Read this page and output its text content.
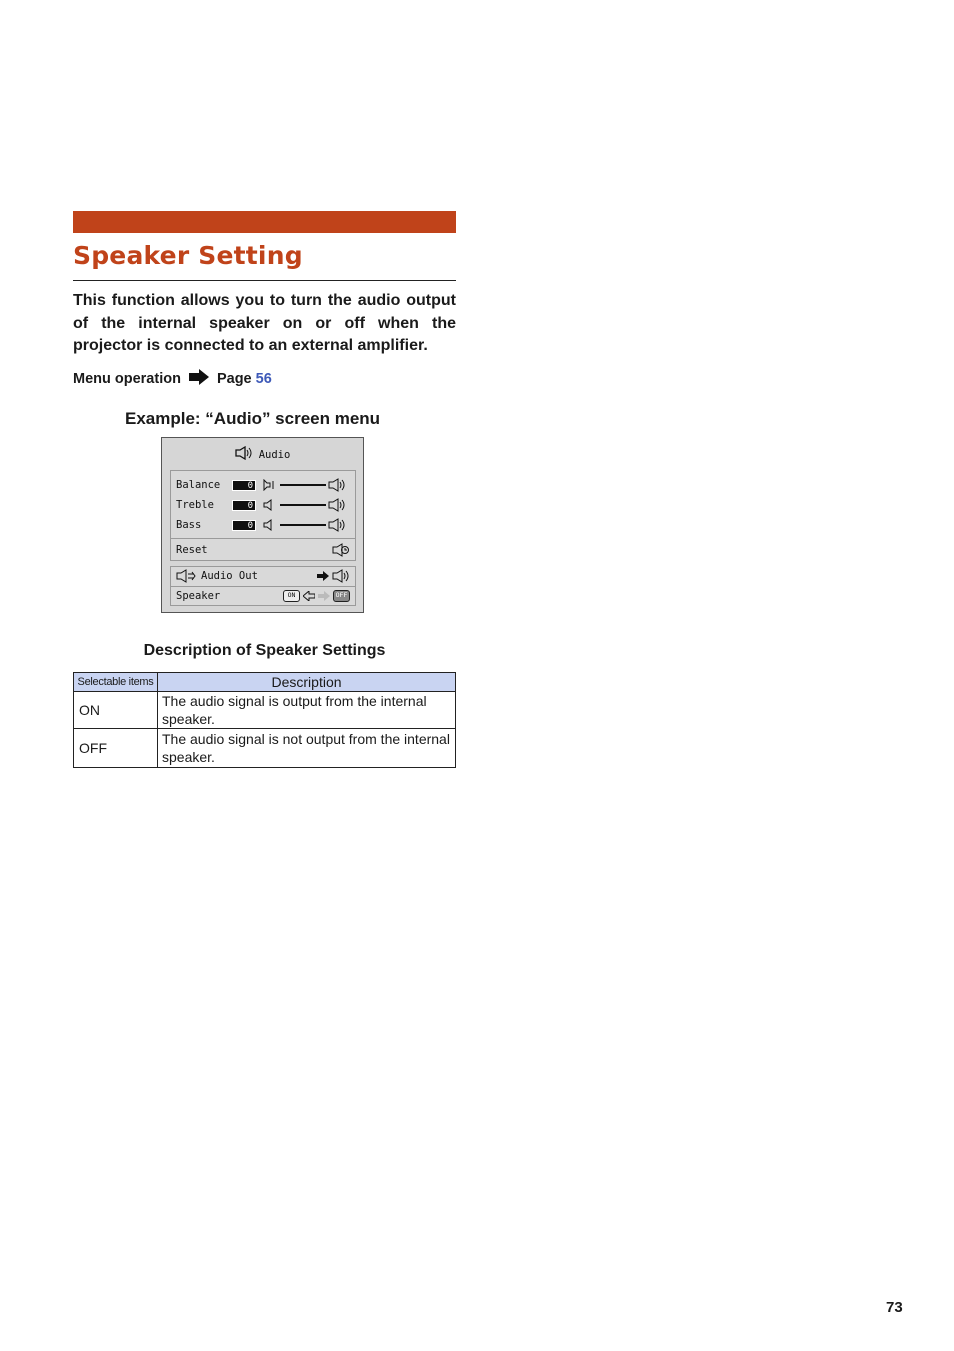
Speaker Setting

This function allows you to turn the audio output of the internal speaker on or off when the projector is connected to an external amplifier.

Menu operation Page 56
Example: “Audio” screen menu
Audio
Balance	0
Treble	0
Bass	0
Reset
Audio Out
Speaker	ON	OFF
Description of Speaker Settings
Selectable items	Description
ON	The audio signal is output from the internal speaker.
OFF	The audio signal is not output from the internal speaker.
73
